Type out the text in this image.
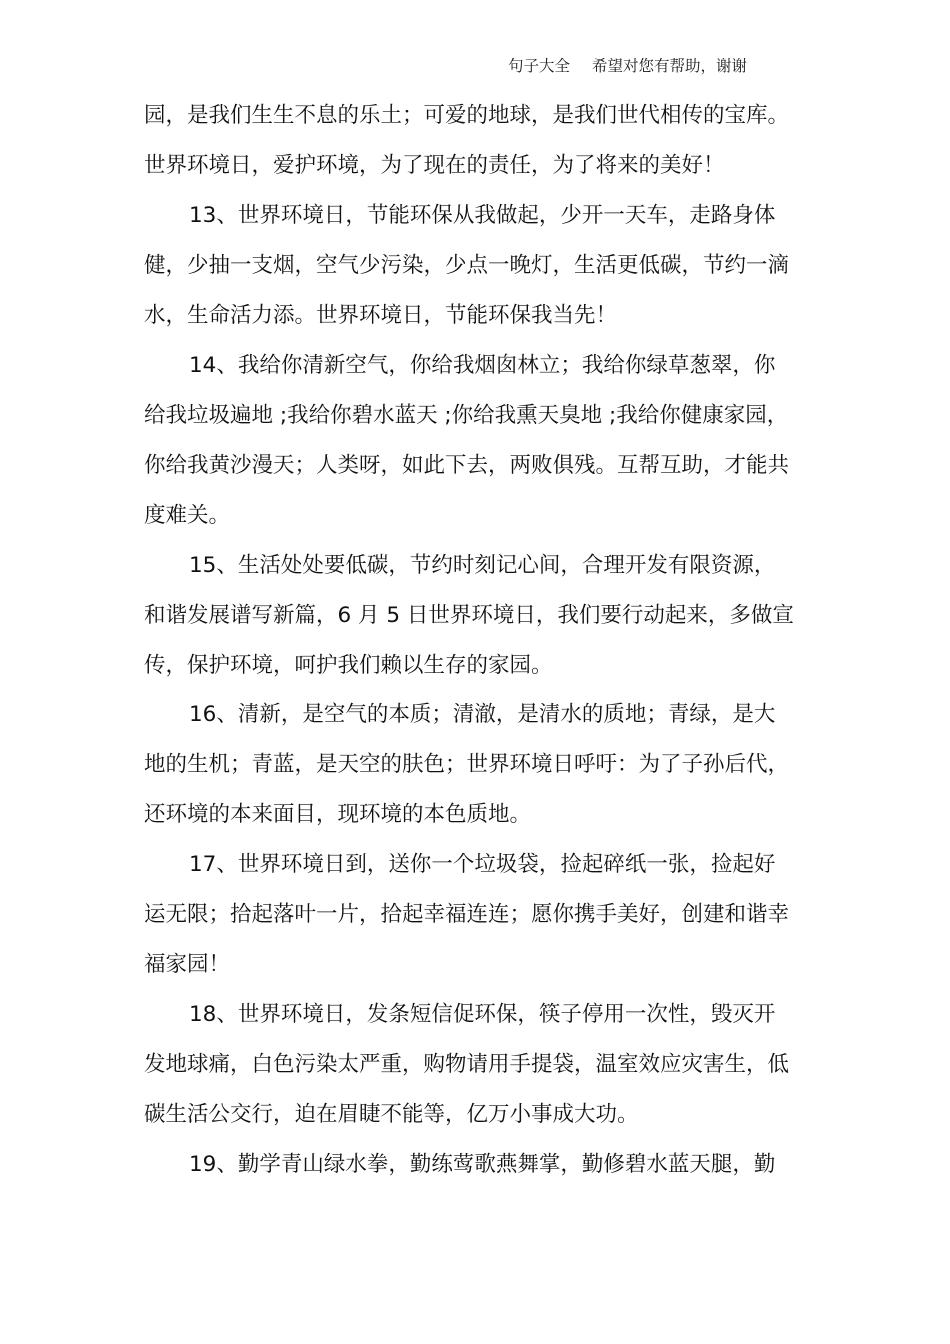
句子大全 希望对您有帮助，谢谢
园，是我们生生不息的乐土；可爱的地球，是我们世代相传的宝库。
世界环境日，爱护环境，为了现在的责任，为了将来的美好！
13、世界环境日，节能环保从我做起，少开一天车，走路身体
健，少抽一支烟，空气少污染，少点一晚灯，生活更低碳，节约一滴
水，生命活力添。世界环境日，节能环保我当先！
14、我给你清新空气，你给我烟囱林立；我给你绿草葱翠，你
给我垃圾遍地 ;我给你碧水蓝天 ;你给我熏天臭地 ;我给你健康家园，
你给我黄沙漫天；人类呀，如此下去，两败俱残。互帮互助，才能共
度难关。
15、生活处处要低碳，节约时刻记心间，合理开发有限资源，
和谐发展谱写新篇，6 月 5 日世界环境日，我们要行动起来，多做宣
传，保护环境，呵护我们赖以生存的家园。
16、清新，是空气的本质；清澈，是清水的质地；青绿，是大
地的生机；青蓝，是天空的肤色；世界环境日呼吁：为了子孙后代，
还环境的本来面目，现环境的本色质地。
17、世界环境日到，送你一个垃圾袋，捡起碎纸一张，捡起好
运无限；拾起落叶一片，拾起幸福连连；愿你携手美好，创建和谐幸
福家园！
18、世界环境日，发条短信促环保，筷子停用一次性，毁灭开
发地球痛，白色污染太严重，购物请用手提袋，温室效应灾害生，低
碳生活公交行，迫在眉睫不能等，亿万小事成大功。
19、勤学青山绿水拳，勤练莺歌燕舞掌，勤修碧水蓝天腿，勤
